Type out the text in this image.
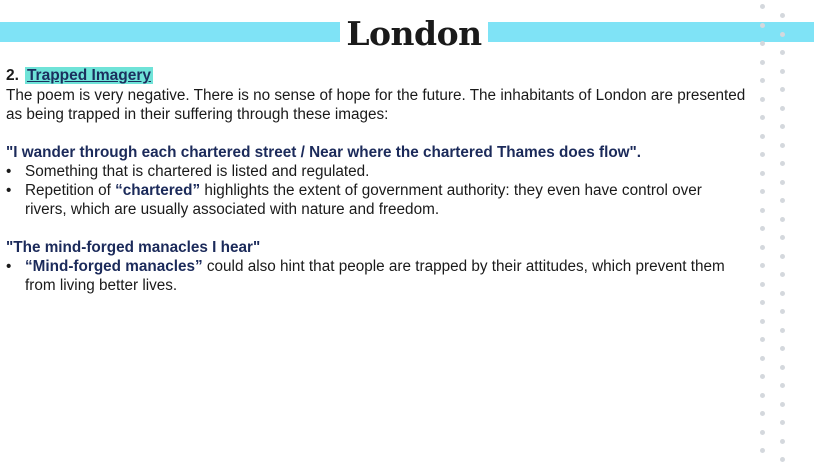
London
2. Trapped Imagery

The poem is very negative. There is no sense of hope for the future. The inhabitants of London are presented as being trapped in their suffering through these images:

"I wander through each chartered street / Near where the chartered Thames does flow".

• Something that is chartered is listed and regulated.
• Repetition of “chartered” highlights the extent of government authority: they even have control over rivers, which are usually associated with nature and freedom.

"The mind-forged manacles I hear"

• “Mind-forged manacles” could also hint that people are trapped by their attitudes, which prevent them from living better lives.
